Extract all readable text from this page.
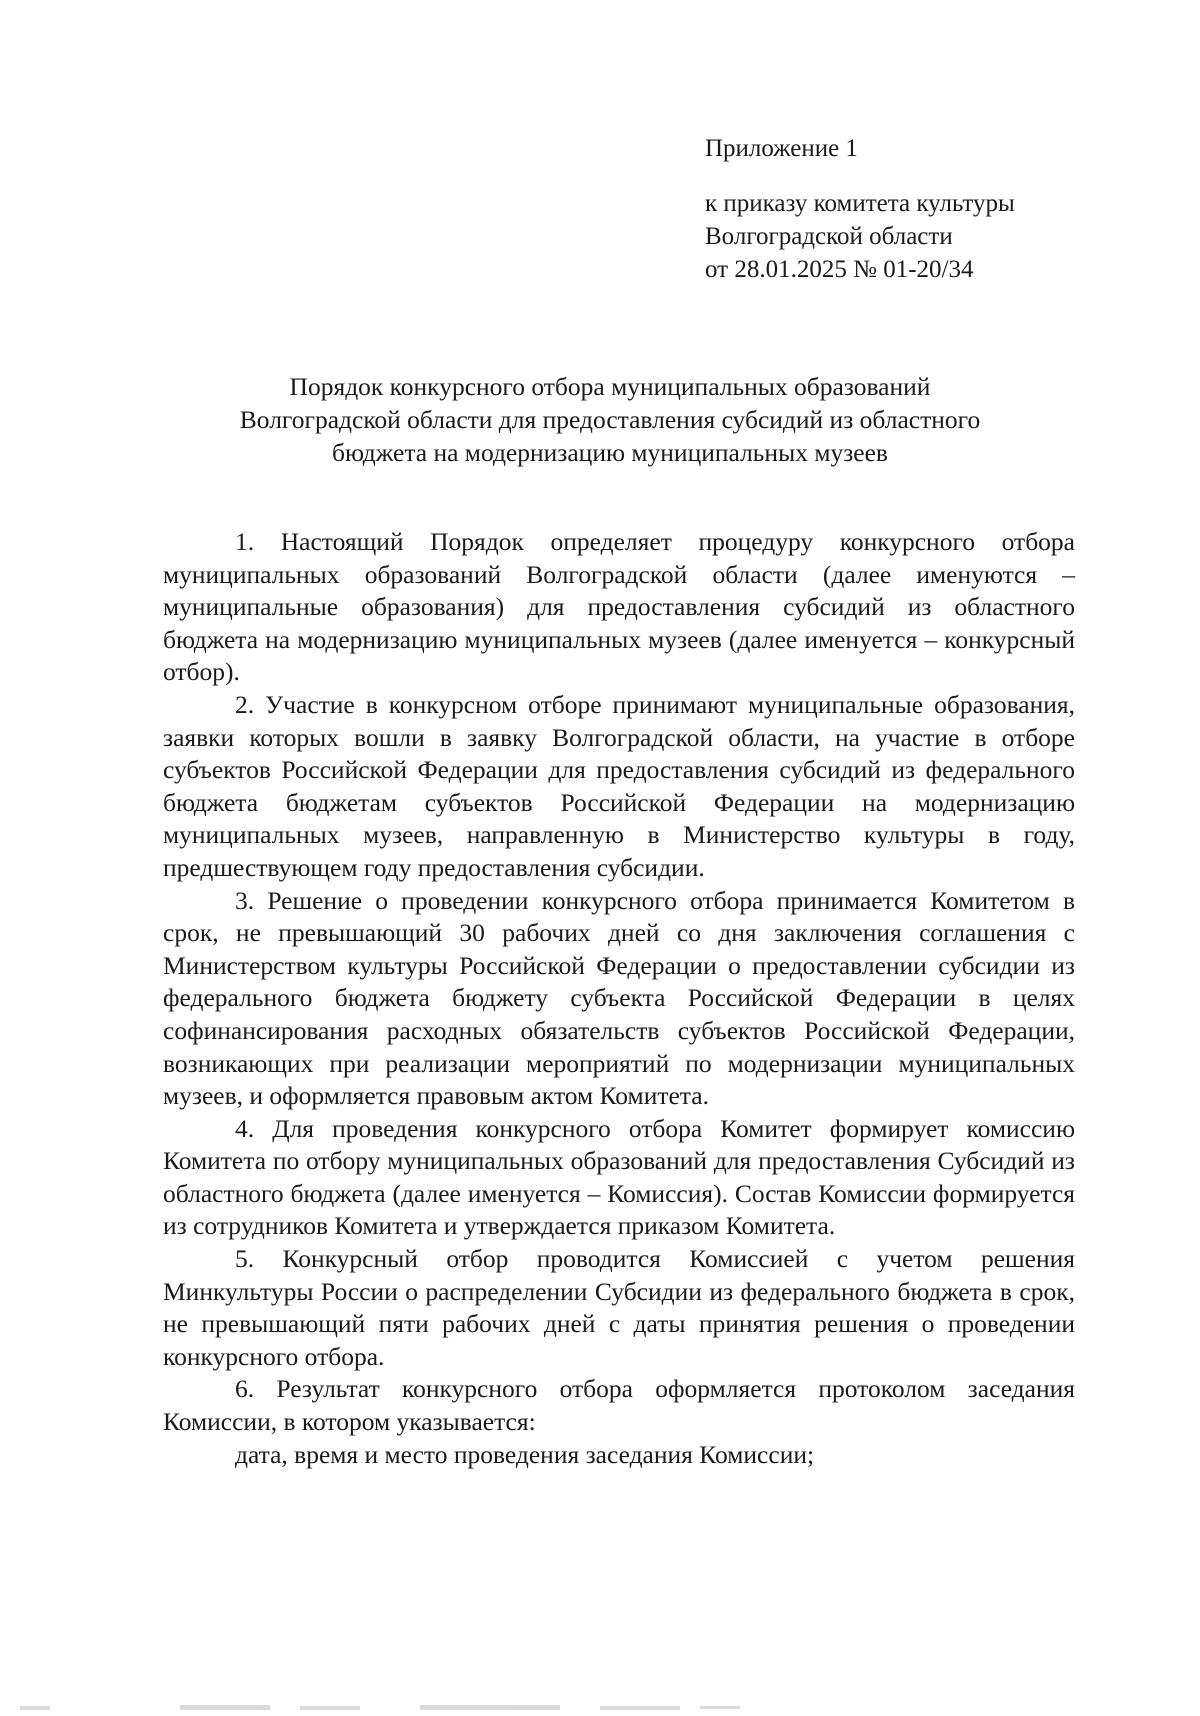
Приложение 1
к приказу комитета культуры
Волгоградской области
от 28.01.2025 № 01-20/34
Порядок конкурсного отбора муниципальных образований
Волгоградской области для предоставления субсидий из областного
бюджета на модернизацию муниципальных музеев

1. Настоящий Порядок определяет процедуру конкурсного отбора муниципальных образований Волгоградской области (далее именуются – муниципальные образования) для предоставления субсидий из областного бюджета на модернизацию муниципальных музеев (далее именуется – конкурсный отбор).

2. Участие в конкурсном отборе принимают муниципальные образования, заявки которых вошли в заявку Волгоградской области, на участие в отборе субъектов Российской Федерации для предоставления субсидий из федерального бюджета бюджетам субъектов Российской Федерации на модернизацию муниципальных музеев, направленную в Министерство культуры в году, предшествующем году предоставления субсидии.

3. Решение о проведении конкурсного отбора принимается Комитетом в срок, не превышающий 30 рабочих дней со дня заключения соглашения с Министерством культуры Российской Федерации о предоставлении субсидии из федерального бюджета бюджету субъекта Российской Федерации в целях софинансирования расходных обязательств субъектов Российской Федерации, возникающих при реализации мероприятий по модернизации муниципальных музеев, и оформляется правовым актом Комитета.

4. Для проведения конкурсного отбора Комитет формирует комиссию Комитета по отбору муниципальных образований для предоставления Субсидий из областного бюджета (далее именуется – Комиссия). Состав Комиссии формируется из сотрудников Комитета и утверждается приказом Комитета.

5. Конкурсный отбор проводится Комиссией с учетом решения Минкультуры России о распределении Субсидии из федерального бюджета в срок, не превышающий пяти рабочих дней с даты принятия решения о проведении конкурсного отбора.

6. Результат конкурсного отбора оформляется протоколом заседания Комиссии, в котором указывается:

дата, время и место проведения заседания Комиссии;
